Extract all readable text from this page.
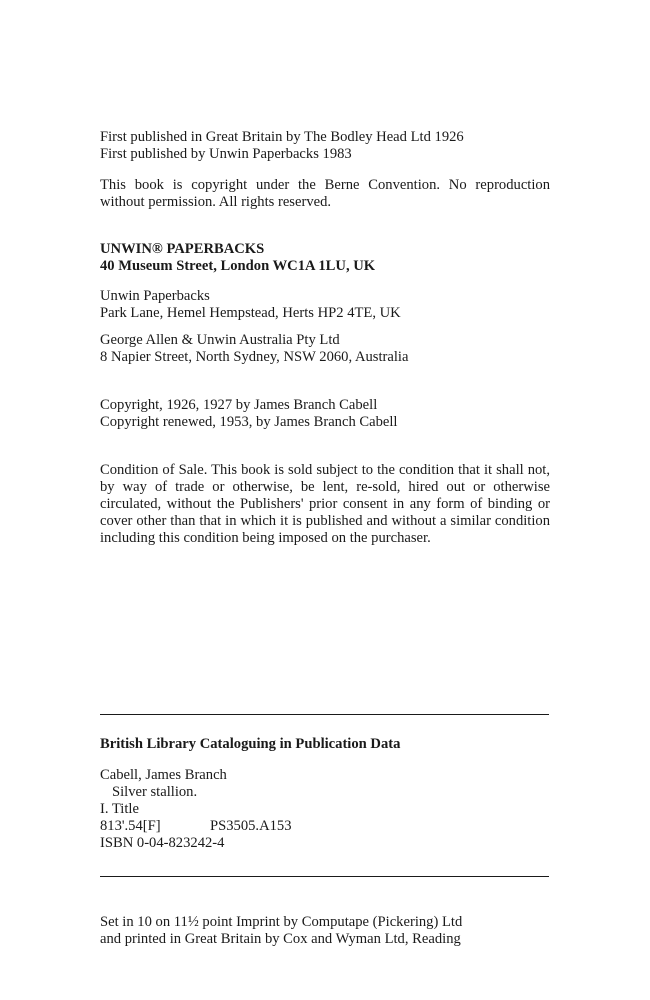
First published in Great Britain by The Bodley Head Ltd 1926
First published by Unwin Paperbacks 1983
This book is copyright under the Berne Convention. No reproduction without permission. All rights reserved.
UNWIN® PAPERBACKS
40 Museum Street, London WC1A 1LU, UK
Unwin Paperbacks
Park Lane, Hemel Hempstead, Herts HP2 4TE, UK
George Allen & Unwin Australia Pty Ltd
8 Napier Street, North Sydney, NSW 2060, Australia
Copyright, 1926, 1927 by James Branch Cabell
Copyright renewed, 1953, by James Branch Cabell
Condition of Sale. This book is sold subject to the condition that it shall not, by way of trade or otherwise, be lent, re-sold, hired out or otherwise circulated, without the Publishers' prior consent in any form of binding or cover other than that in which it is published and without a similar condition including this condition being imposed on the purchaser.
British Library Cataloguing in Publication Data
Cabell, James Branch
Silver stallion.
I. Title
813'.54[F]	PS3505.A153
ISBN 0-04-823242-4
Set in 10 on 11½ point Imprint by Computape (Pickering) Ltd
and printed in Great Britain by Cox and Wyman Ltd, Reading
